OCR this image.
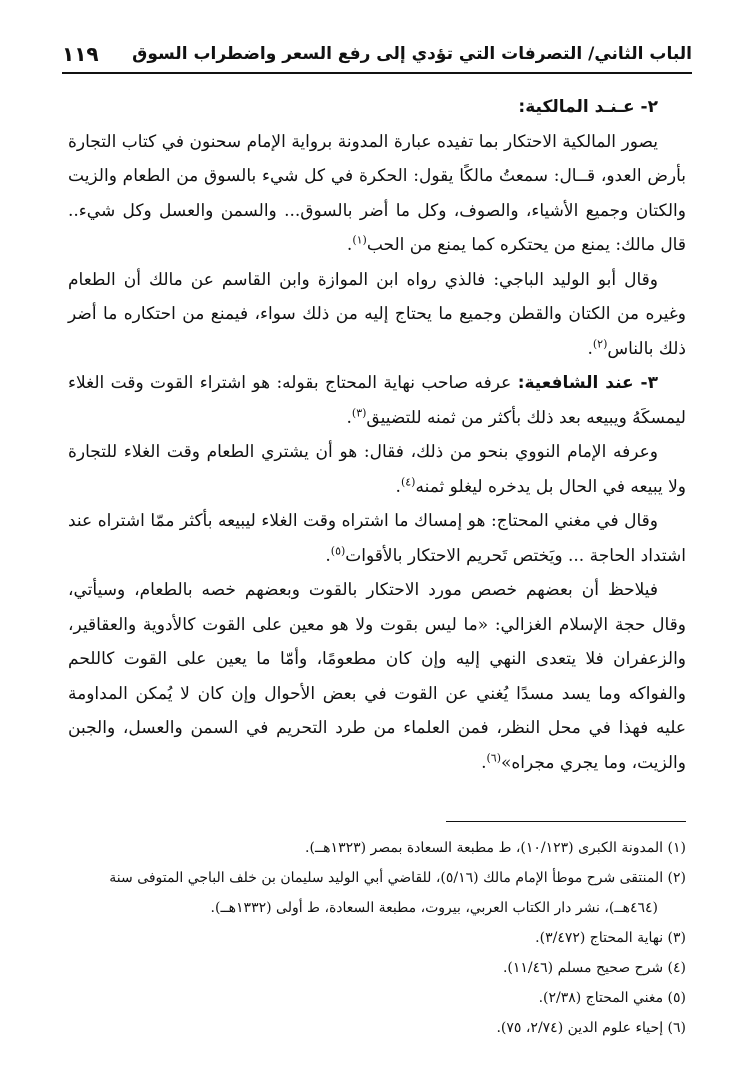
الباب الثاني/ التصرفات التي تؤدي إلى رفع السعر واضطراب السوق
١١٩

٢- عـنـد المالكية:

يصور المالكية الاحتكار بما تفيده عبارة المدونة برواية الإمام سحنون في كتاب التجارة بأرض العدو، قــال: سمعتُ مالكًا يقول: الحكرة في كل شيء بالسوق من الطعام والزيت والكتان وجميع الأشياء، والصوف، وكل ما أضر بالسوق... والسمن والعسل وكل شيء.. قال مالك: يمنع من يحتكره كما يمنع من الحب$^{(١)}$.

وقال أبو الوليد الباجي: فالذي رواه ابن الموازة وابن القاسم عن مالك أن الطعام وغيره من الكتان والقطن وجميع ما يحتاج إليه من ذلك سواء، فيمنع من احتكاره ما أضر ذلك بالناس$^{(٢)}$.

٣- عند الشافعية: عرفه صاحب نهاية المحتاج بقوله: هو اشتراء القوت وقت الغلاء ليمسكَهُ ويبيعه بعد ذلك بأكثر من ثمنه للتضييق$^{(٣)}$.

وعرفه الإمام النووي بنحو من ذلك، فقال: هو أن يشتري الطعام وقت الغلاء للتجارة ولا يبيعه في الحال بل يدخره ليغلو ثمنه$^{(٤)}$.

وقال في مغني المحتاج: هو إمساك ما اشتراه وقت الغلاء ليبيعه بأكثر ممّا اشتراه عند اشتداد الحاجة ... ويَختص تَحريم الاحتكار بالأقوات$^{(٥)}$.

فيلاحظ أن بعضهم خصص مورد الاحتكار بالقوت وبعضهم خصه بالطعام، وسيأتي، وقال حجة الإسلام الغزالي: «ما ليس بقوت ولا هو معين على القوت كالأدوية والعقاقير، والزعفران فلا يتعدى النهي إليه وإن كان مطعومًا، وأمّا ما يعين على القوت كاللحم والفواكه وما يسد مسدًا يُغني عن القوت في بعض الأحوال وإن كان لا يُمكن المداومة عليه فهذا في محل النظر، فمن العلماء من طرد التحريم في السمن والعسل، والجبن والزيت، وما يجري مجراه»$^{(٦)}$.

(١) المدونة الكبرى (١٠/١٢٣)، ط مطبعة السعادة بمصر (١٣٢٣هــ).

(٢) المنتقى شرح موطأ الإمام مالك (٥/١٦)، للقاضي أبي الوليد سليمان بن خلف الباجي المتوفى سنة

(٤٦٤هــ)، نشر دار الكتاب العربي، بيروت، مطبعة السعادة، ط أولى (١٣٣٢هــ).

(٣) نهاية المحتاج (٣/٤٧٢).

(٤) شرح صحيح مسلم (١١/٤٦).

(٥) مغني المحتاج (٢/٣٨).

(٦) إحياء علوم الدين (٢/٧٤، ٧٥).
